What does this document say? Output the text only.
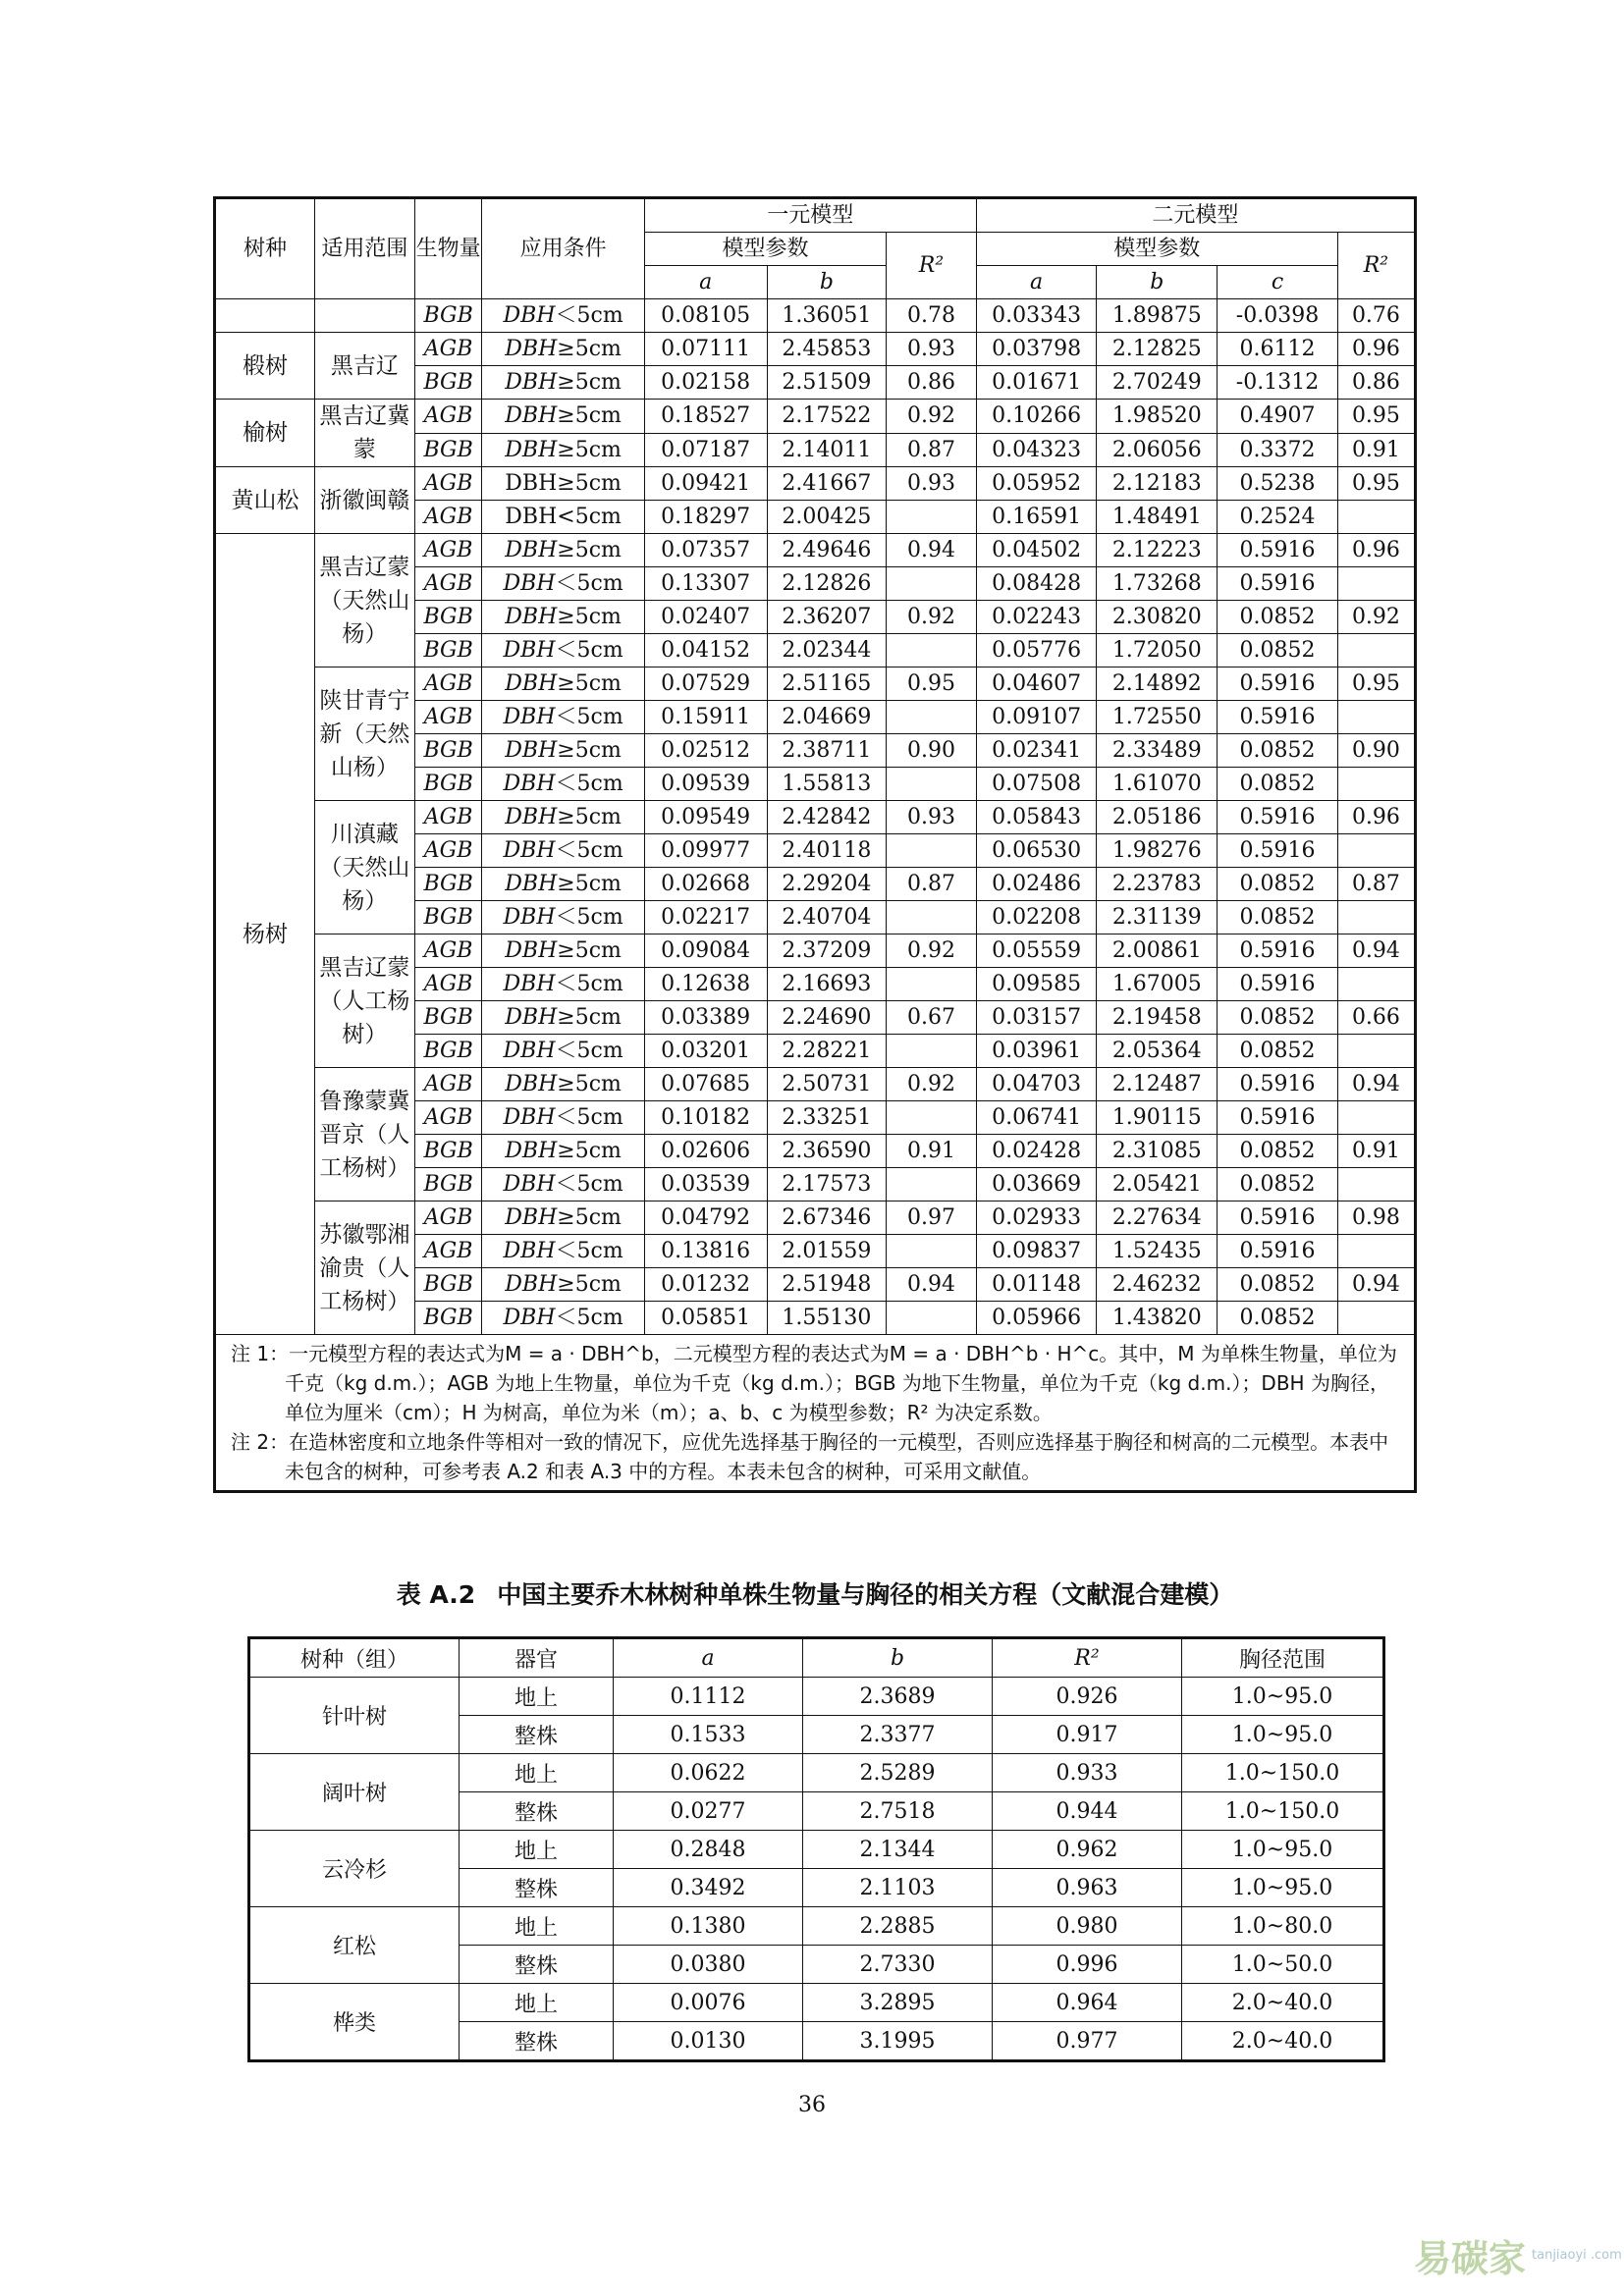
树种	适用范围	生物量	应用条件	一元模型			二元模型			
				模型参数		R²	模型参数			R²
				a	b		a	b	c	
		BGB	DBH＜5cm	0.08105	1.36051	0.78	0.03343	1.89875	-0.0398	0.76
椴树	黑吉辽	AGB	DBH≥5cm	0.07111	2.45853	0.93	0.03798	2.12825	0.6112	0.96
		BGB	DBH≥5cm	0.02158	2.51509	0.86	0.01671	2.70249	-0.1312	0.86
榆树	黑吉辽冀蒙	AGB	DBH≥5cm	0.18527	2.17522	0.92	0.10266	1.98520	0.4907	0.95
		BGB	DBH≥5cm	0.07187	2.14011	0.87	0.04323	2.06056	0.3372	0.91
黄山松	浙徽闽赣	AGB	DBH≥5cm	0.09421	2.41667	0.93	0.05952	2.12183	0.5238	0.95
		AGB	DBH<5cm	0.18297	2.00425		0.16591	1.48491	0.2524	
杨树	黑吉辽蒙（天然山杨）	AGB	DBH≥5cm	0.07357	2.49646	0.94	0.04502	2.12223	0.5916	0.96
		AGB	DBH＜5cm	0.13307	2.12826		0.08428	1.73268	0.5916	
		BGB	DBH≥5cm	0.02407	2.36207	0.92	0.02243	2.30820	0.0852	0.92
		BGB	DBH＜5cm	0.04152	2.02344		0.05776	1.72050	0.0852	
	陕甘青宁新（天然山杨）	AGB	DBH≥5cm	0.07529	2.51165	0.95	0.04607	2.14892	0.5916	0.95
		AGB	DBH＜5cm	0.15911	2.04669		0.09107	1.72550	0.5916	
		BGB	DBH≥5cm	0.02512	2.38711	0.90	0.02341	2.33489	0.0852	0.90
		BGB	DBH＜5cm	0.09539	1.55813		0.07508	1.61070	0.0852	
	川滇藏（天然山杨）	AGB	DBH≥5cm	0.09549	2.42842	0.93	0.05843	2.05186	0.5916	0.96
		AGB	DBH＜5cm	0.09977	2.40118		0.06530	1.98276	0.5916	
		BGB	DBH≥5cm	0.02668	2.29204	0.87	0.02486	2.23783	0.0852	0.87
		BGB	DBH＜5cm	0.02217	2.40704		0.02208	2.31139	0.0852	
	黑吉辽蒙（人工杨树）	AGB	DBH≥5cm	0.09084	2.37209	0.92	0.05559	2.00861	0.5916	0.94
		AGB	DBH＜5cm	0.12638	2.16693		0.09585	1.67005	0.5916	
		BGB	DBH≥5cm	0.03389	2.24690	0.67	0.03157	2.19458	0.0852	0.66
		BGB	DBH＜5cm	0.03201	2.28221		0.03961	2.05364	0.0852	
	鲁豫蒙冀晋京（人工杨树）	AGB	DBH≥5cm	0.07685	2.50731	0.92	0.04703	2.12487	0.5916	0.94
		AGB	DBH＜5cm	0.10182	2.33251		0.06741	1.90115	0.5916	
		BGB	DBH≥5cm	0.02606	2.36590	0.91	0.02428	2.31085	0.0852	0.91
		BGB	DBH＜5cm	0.03539	2.17573		0.03669	2.05421	0.0852	
	苏徽鄂湘渝贵（人工杨树）	AGB	DBH≥5cm	0.04792	2.67346	0.97	0.02933	2.27634	0.5916	0.98
		AGB	DBH＜5cm	0.13816	2.01559		0.09837	1.52435	0.5916	
		BGB	DBH≥5cm	0.01232	2.51948	0.94	0.01148	2.46232	0.0852	0.94
		BGB	DBH＜5cm	0.05851	1.55130		0.05966	1.43820	0.0852	

注 1：一元模型方程的表达式为M = a · DBH^b，二元模型方程的表达式为M = a · DBH^b · H^c。其中，M 为单株生物量，单位为千克（kg d.m.）；AGB 为地上生物量，单位为千克（kg d.m.）；BGB 为地下生物量，单位为千克（kg d.m.）；DBH 为胸径，单位为厘米（cm）；H 为树高，单位为米（m）；a、b、c 为模型参数；R² 为决定系数。

注 2：在造林密度和立地条件等相对一致的情况下，应优先选择基于胸径的一元模型，否则应选择基于胸径和树高的二元模型。本表中未包含的树种，可参考表 A.2 和表 A.3 中的方程。本表未包含的树种，可采用文献值。										

表 A.2 中国主要乔木林树种单株生物量与胸径的相关方程（文献混合建模）
树种（组）	器官	a	b	R²	胸径范围
针叶树	地上	0.1112	2.3689	0.926	1.0~95.0
	整株	0.1533	2.3377	0.917	1.0~95.0
阔叶树	地上	0.0622	2.5289	0.933	1.0~150.0
	整株	0.0277	2.7518	0.944	1.0~150.0
云冷杉	地上	0.2848	2.1344	0.962	1.0~95.0
	整株	0.3492	2.1103	0.963	1.0~95.0
红松	地上	0.1380	2.2885	0.980	1.0~80.0
	整株	0.0380	2.7330	0.996	1.0~50.0
桦类	地上	0.0076	3.2895	0.964	2.0~40.0
	整株	0.0130	3.1995	0.977	2.0~40.0
36
易碳家 tanjiaoyi .com
